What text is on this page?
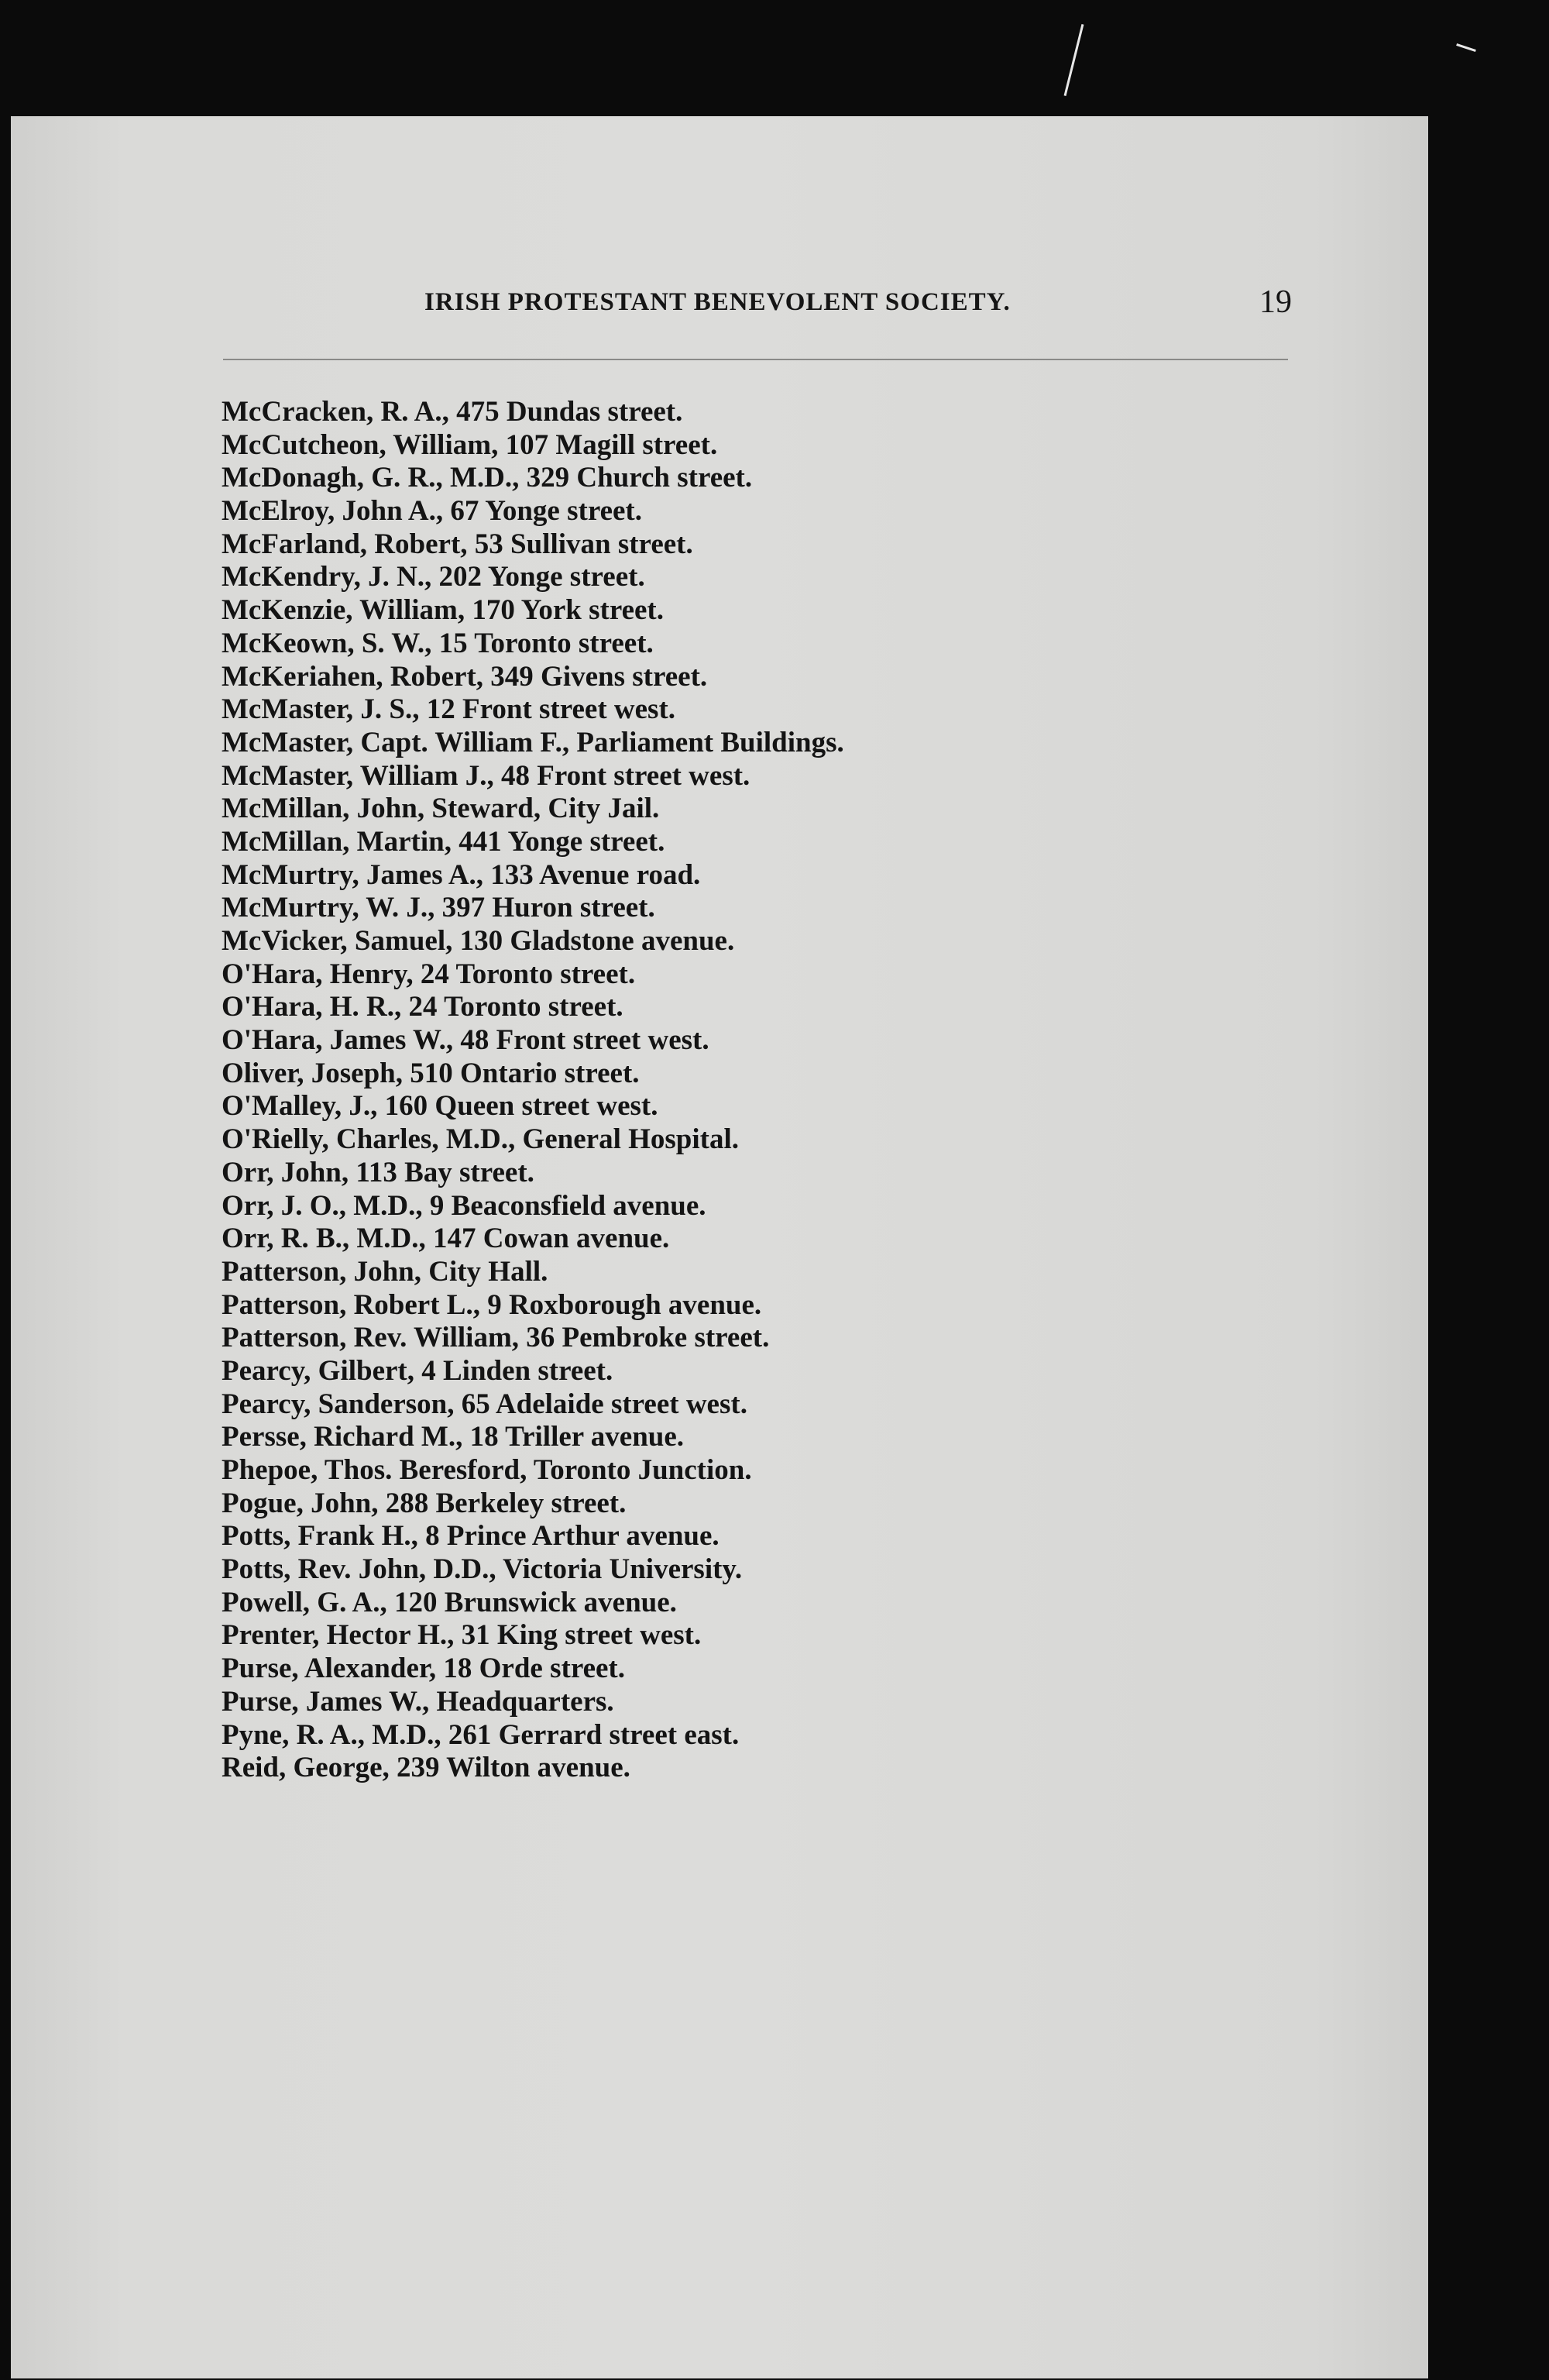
IRISH PROTESTANT BENEVOLENT SOCIETY.	19
McCracken, R. A., 475 Dundas street.
McCutcheon, William, 107 Magill street.
McDonagh, G. R., M.D., 329 Church street.
McElroy, John A., 67 Yonge street.
McFarland, Robert, 53 Sullivan street.
McKendry, J. N., 202 Yonge street.
McKenzie, William, 170 York street.
McKeown, S. W., 15 Toronto street.
McKeriahen, Robert, 349 Givens street.
McMaster, J. S., 12 Front street west.
McMaster, Capt. William F., Parliament Buildings.
McMaster, William J., 48 Front street west.
McMillan, John, Steward, City Jail.
McMillan, Martin, 441 Yonge street.
McMurtry, James A., 133 Avenue road.
McMurtry, W. J., 397 Huron street.
McVicker, Samuel, 130 Gladstone avenue.
O'Hara, Henry, 24 Toronto street.
O'Hara, H. R., 24 Toronto street.
O'Hara, James W., 48 Front street west.
Oliver, Joseph, 510 Ontario street.
O'Malley, J., 160 Queen street west.
O'Rielly, Charles, M.D., General Hospital.
Orr, John, 113 Bay street.
Orr, J. O., M.D., 9 Beaconsfield avenue.
Orr, R. B., M.D., 147 Cowan avenue.
Patterson, John, City Hall.
Patterson, Robert L., 9 Roxborough avenue.
Patterson, Rev. William, 36 Pembroke street.
Pearcy, Gilbert, 4 Linden street.
Pearcy, Sanderson, 65 Adelaide street west.
Persse, Richard M., 18 Triller avenue.
Phepoe, Thos. Beresford, Toronto Junction.
Pogue, John, 288 Berkeley street.
Potts, Frank H., 8 Prince Arthur avenue.
Potts, Rev. John, D.D., Victoria University.
Powell, G. A., 120 Brunswick avenue.
Prenter, Hector H., 31 King street west.
Purse, Alexander, 18 Orde street.
Purse, James W., Headquarters.
Pyne, R. A., M.D., 261 Gerrard street east.
Reid, George, 239 Wilton avenue.
